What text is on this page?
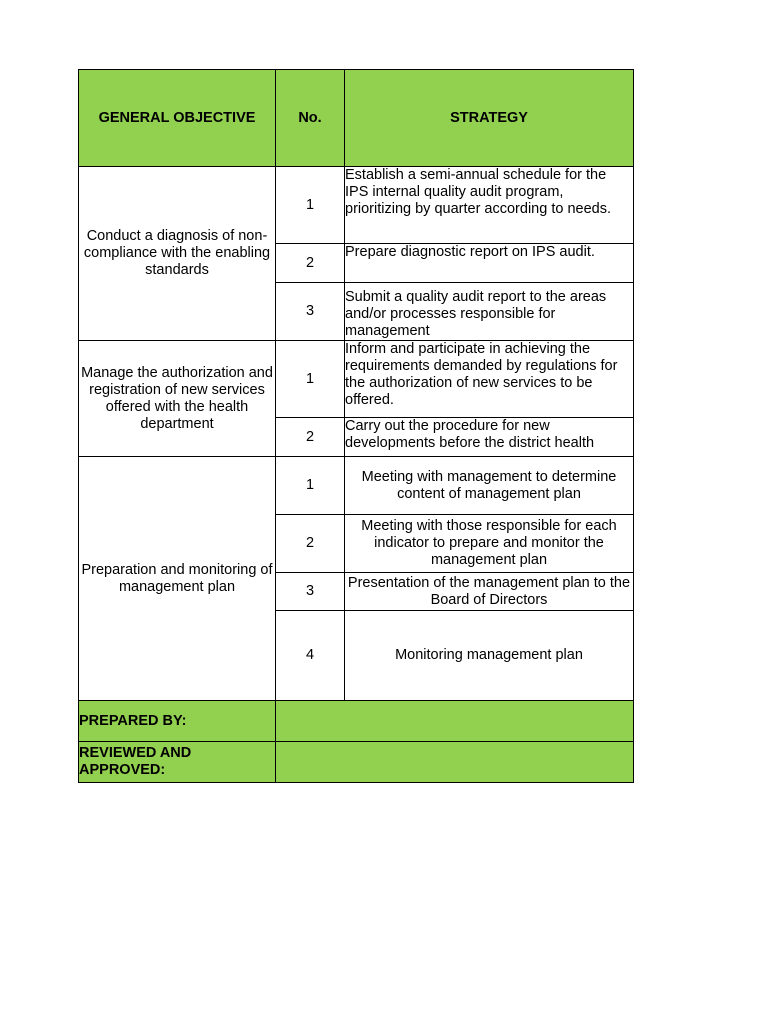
GENERAL OBJECTIVE	No.	STRATEGY
Conduct a diagnosis of non-compliance with the enabling standards	1	Establish a semi-annual schedule for the IPS internal quality audit program, prioritizing by quarter according to needs.
	2	Prepare diagnostic report on IPS audit.
	3	Submit a quality audit report to the areas and/or processes responsible for management
Manage the authorization and registration of new services offered with the health department	1	Inform and participate in achieving the requirements demanded by regulations for the authorization of new services to be offered.
	2	Carry out the procedure for new developments before the district health

Preparation and monitoring of management plan	1	Meeting with management to determine content of management plan
	2	Meeting with those responsible for each indicator to prepare and monitor the management plan
	3	Presentation of the management plan to the Board of Directors
	4	Monitoring management plan
PREPARED BY:		
REVIEWED AND APPROVED:		
